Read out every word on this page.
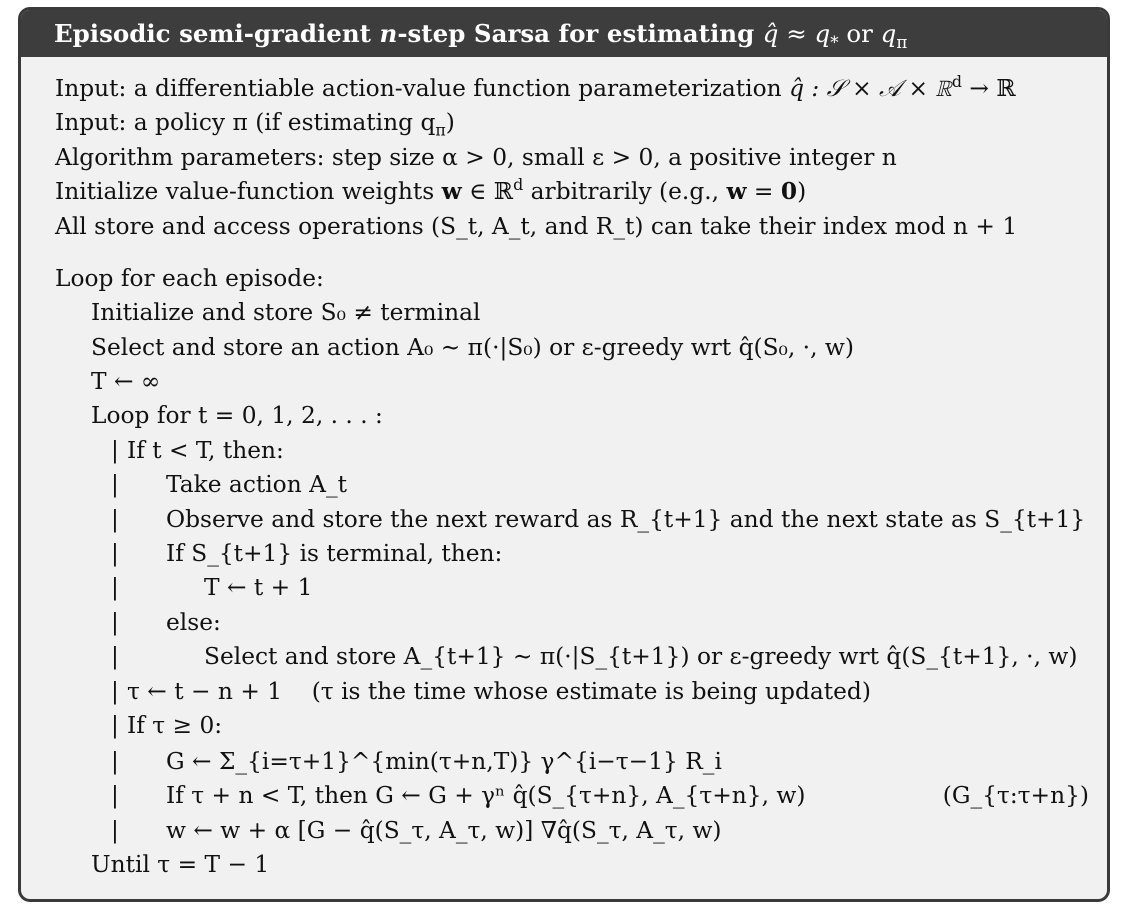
Episodic semi-gradient n-step Sarsa for estimating q̂ ≈ $q_*$ or $q_\pi$
Input: a differentiable action-value function parameterization q̂ : 𝒮 × 𝒜 × ℝ$^d$ → ℝ
Input: a policy π (if estimating $q_\pi$)
Algorithm parameters: step size α > 0, small ε > 0, a positive integer n
Initialize value-function weights w ∈ ℝ$^d$ arbitrarily (e.g., w = 0)
All store and access operations (S_t, A_t, and R_t) can take their index mod n + 1
Loop for each episode:
Initialize and store S₀ ≠ terminal
Select and store an action A₀ ∼ π(·|S₀) or ε-greedy wrt q̂(S₀, ·, w)
T ← ∞
Loop for t = 0, 1, 2, . . . :
If t < T, then:
Take action A_t
Observe and store the next reward as R_{t+1} and the next state as S_{t+1}
If S_{t+1} is terminal, then:
T ← t + 1
else:
Select and store A_{t+1} ∼ π(·|S_{t+1}) or ε-greedy wrt q̂(S_{t+1}, ·, w)
τ ← t − n + 1 (τ is the time whose estimate is being updated)
If τ ≥ 0:
G ← Σ_{i=τ+1}^{min(τ+n,T)} γ^{i−τ−1} R_i
If τ + n < T, then G ← G + γⁿ q̂(S_{τ+n}, A_{τ+n}, w)	(G_{τ:τ+n})
w ← w + α [G − q̂(S_τ, A_τ, w)] ∇q̂(S_τ, A_τ, w)
Until τ = T − 1
|
|
|
|
|
|
|
|
|
|
|
|
